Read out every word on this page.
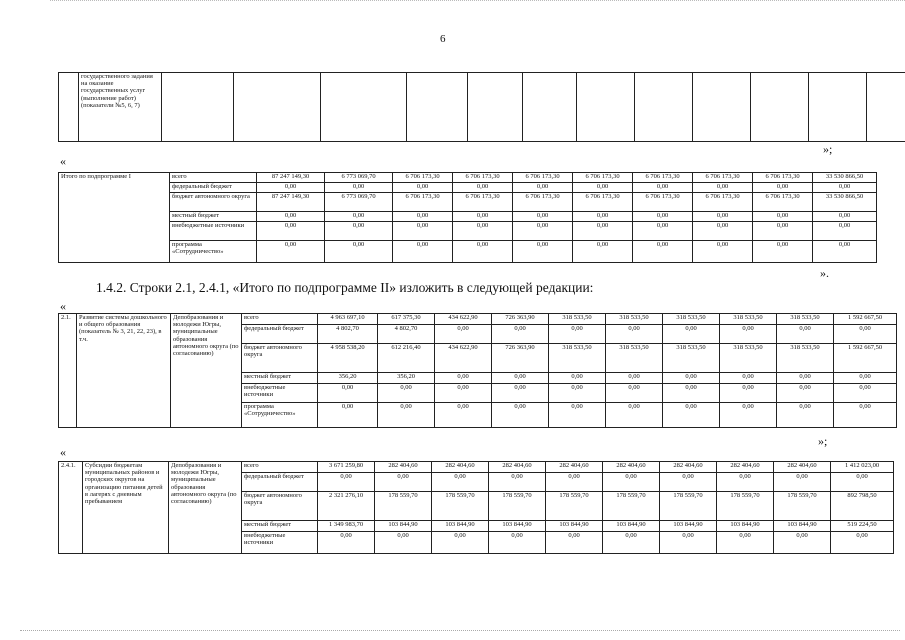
6
	государственного задания на оказание государственных услуг (выполнение работ) (показатели №5, 6, 7)												
»;
«
Итого по подпрограмме I	всего	87 247 149,30	6 773 069,70	6 706 173,30	6 706 173,30	6 706 173,30	6 706 173,30	6 706 173,30	6 706 173,30	6 706 173,30	33 530 866,50
	федеральный бюджет	0,00	0,00	0,00	0,00	0,00	0,00	0,00	0,00	0,00	0,00
	бюджет автономного округа	87 247 149,30	6 773 069,70	6 706 173,30	6 706 173,30	6 706 173,30	6 706 173,30	6 706 173,30	6 706 173,30	6 706 173,30	33 530 866,50
	местный бюджет	0,00	0,00	0,00	0,00	0,00	0,00	0,00	0,00	0,00	0,00
	внебюджетные источники	0,00	0,00	0,00	0,00	0,00	0,00	0,00	0,00	0,00	0,00
	программа «Сотрудничество»	0,00	0,00	0,00	0,00	0,00	0,00	0,00	0,00	0,00	0,00
».
1.4.2. Строки 2.1, 2.4.1, «Итого по подпрограмме II» изложить в следующей редакции:
«
2.1.	Развитие системы дошкольного и общего образования (показатель № 3, 21, 22, 23), в т.ч.	Депобразования и молодежи Югры, муниципальные образования автономного округа (по согласованию)	всего	4 963 697,10	617 375,30	434 622,90	726 363,90	318 533,50	318 533,50	318 533,50	318 533,50	318 533,50	1 592 667,50
			федеральный бюджет	4 802,70	4 802,70	0,00	0,00	0,00	0,00	0,00	0,00	0,00	0,00
			бюджет автономного округа	4 958 538,20	612 216,40	434 622,90	726 363,90	318 533,50	318 533,50	318 533,50	318 533,50	318 533,50	1 592 667,50
			местный бюджет	356,20	356,20	0,00	0,00	0,00	0,00	0,00	0,00	0,00	0,00
			внебюджетные источники	0,00	0,00	0,00	0,00	0,00	0,00	0,00	0,00	0,00	0,00
			программа «Сотрудничество»	0,00	0,00	0,00	0,00	0,00	0,00	0,00	0,00	0,00	0,00
»;
«
2.4.1.	Субсидии бюджетам муниципальных районов и городских округов на организацию питания детей в лагерях с дневным пребыванием	Депобразования и молодежи Югры, муниципальные образования автономного округа (по согласованию)	всего	3 671 259,80	282 404,60	282 404,60	282 404,60	282 404,60	282 404,60	282 404,60	282 404,60	282 404,60	1 412 023,00
			федеральный бюджет	0,00	0,00	0,00	0,00	0,00	0,00	0,00	0,00	0,00	0,00
			бюджет автономного округа	2 321 276,10	178 559,70	178 559,70	178 559,70	178 559,70	178 559,70	178 559,70	178 559,70	178 559,70	892 798,50
			местный бюджет	1 349 983,70	103 844,90	103 844,90	103 844,90	103 844,90	103 844,90	103 844,90	103 844,90	103 844,90	519 224,50
			внебюджетные источники	0,00	0,00	0,00	0,00	0,00	0,00	0,00	0,00	0,00	0,00
